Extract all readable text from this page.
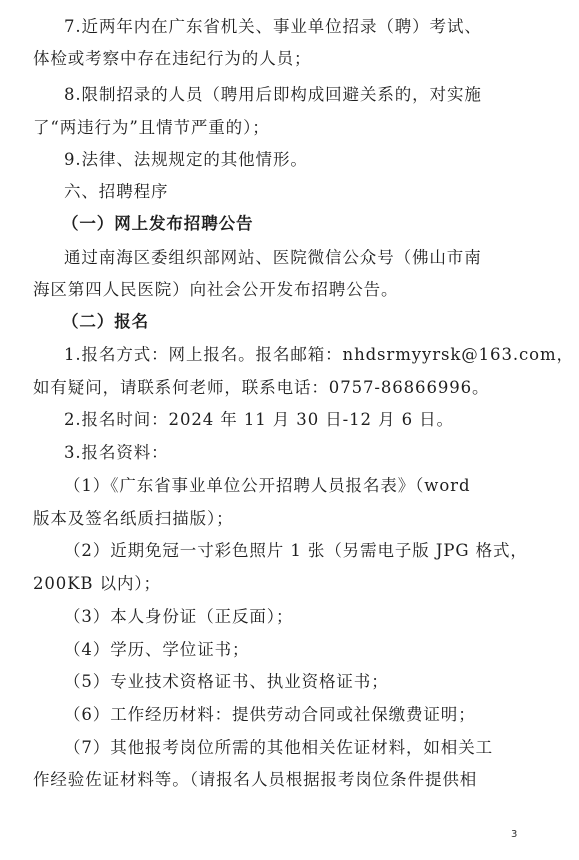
7.近两年内在广东省机关、事业单位招录（聘）考试、
体检或考察中存在违纪行为的人员；
8.限制招录的人员（聘用后即构成回避关系的，对实施
了“两违行为”且情节严重的）；
9.法律、法规规定的其他情形。
六、招聘程序
（一）网上发布招聘公告
通过南海区委组织部网站、医院微信公众号（佛山市南
海区第四人民医院）向社会公开发布招聘公告。
（二）报名
1.报名方式：网上报名。报名邮箱：nhdsrmyyrsk@163.com，
如有疑问，请联系何老师，联系电话：0757-86866996。
2.报名时间：2024 年 11 月 30 日-12 月 6 日。
3.报名资料：
（1）《广东省事业单位公开招聘人员报名表》（word
版本及签名纸质扫描版）；
（2）近期免冠一寸彩色照片 1 张（另需电子版 JPG 格式，
200KB 以内）；
（3）本人身份证（正反面）；
（4）学历、学位证书；
（5）专业技术资格证书、执业资格证书；
（6）工作经历材料：提供劳动合同或社保缴费证明；
（7）其他报考岗位所需的其他相关佐证材料，如相关工
作经验佐证材料等。（请报名人员根据报考岗位条件提供相
3
